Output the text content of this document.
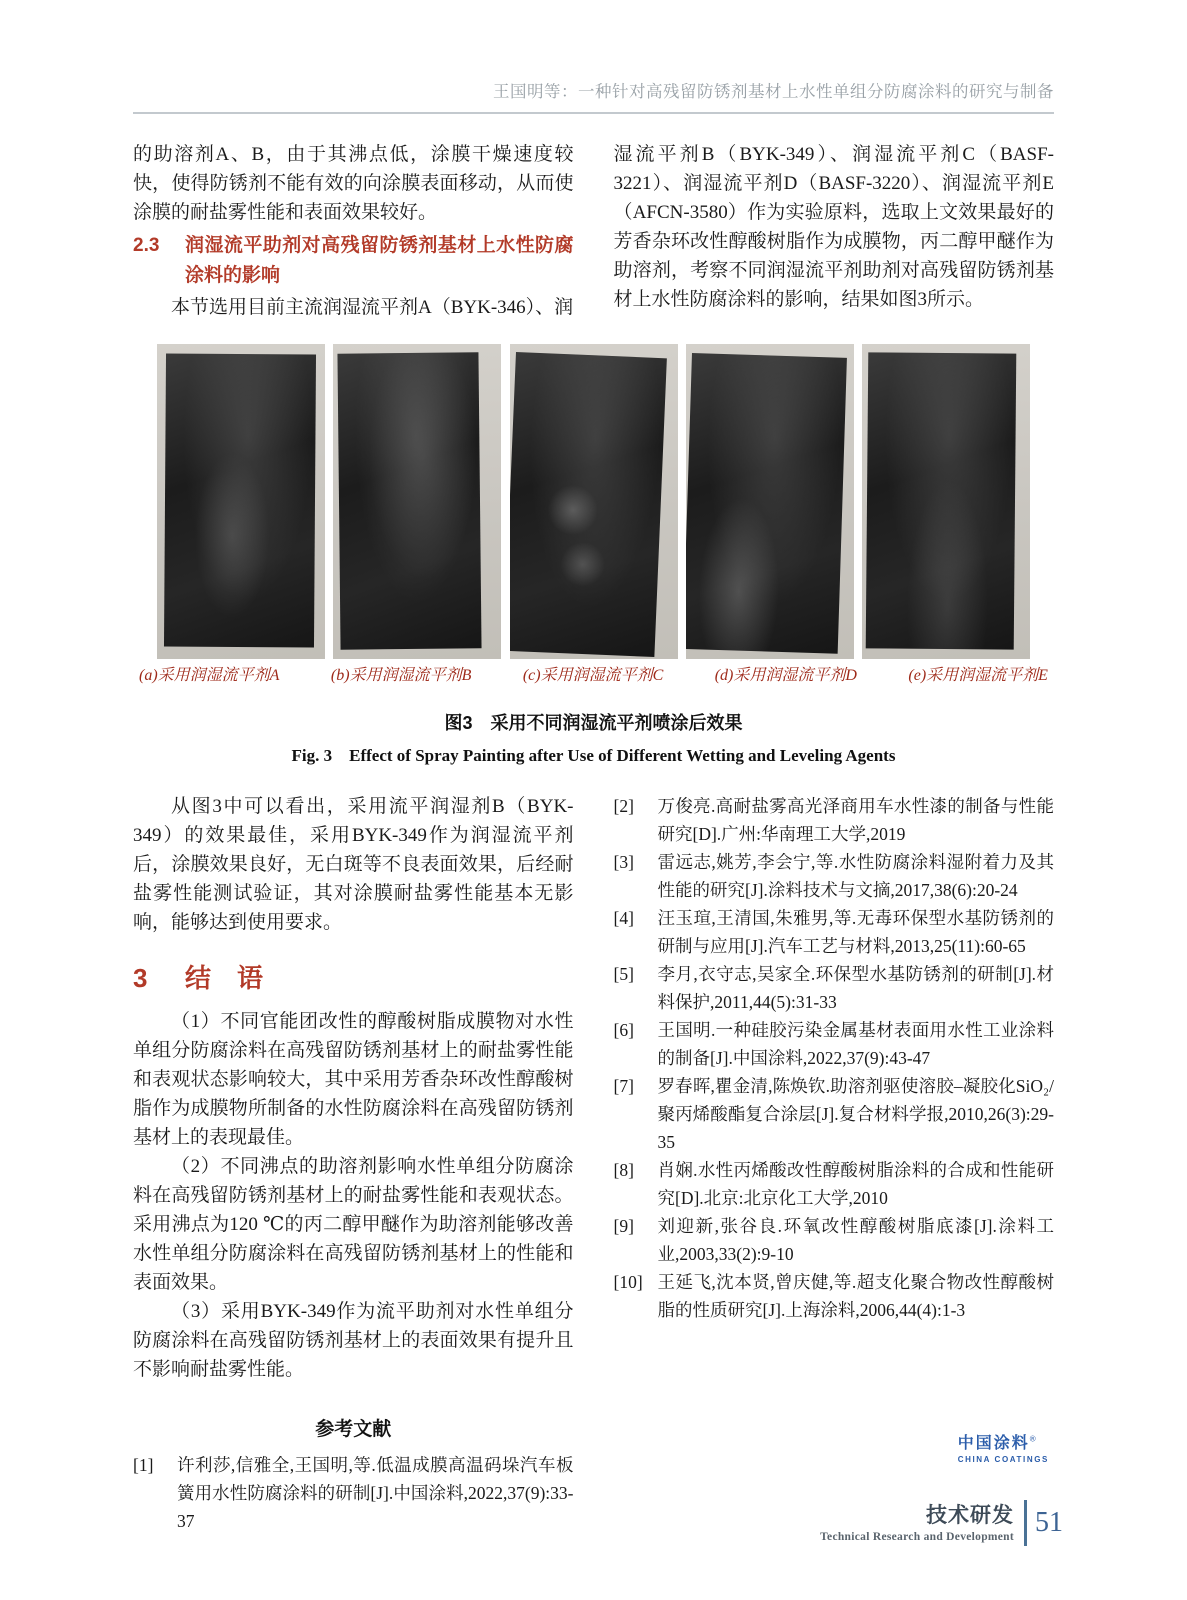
王国明等：一种针对高残留防锈剂基材上水性单组分防腐涂料的研究与制备

的助溶剂A、B，由于其沸点低，涂膜干燥速度较快，使得防锈剂不能有效的向涂膜表面移动，从而使涂膜的耐盐雾性能和表面效果较好。

2.3	润湿流平助剂对高残留防锈剂基材上水性防腐涂料的影响

本节选用目前主流润湿流平剂A（BYK-346）、润

湿流平剂B（BYK-349）、润湿流平剂C（BASF-3221）、润湿流平剂D（BASF-3220）、润湿流平剂E（AFCN-3580）作为实验原料，选取上文效果最好的芳香杂环改性醇酸树脂作为成膜物，丙二醇甲醚作为助溶剂，考察不同润湿流平剂助剂对高残留防锈剂基材上水性防腐涂料的影响，结果如图3所示。

(a)采用润湿流平剂A	(b)采用润湿流平剂B	(c)采用润湿流平剂C	(d)采用润湿流平剂D	(e)采用润湿流平剂E
图3　采用不同润湿流平剂喷涂后效果
Fig. 3　Effect of Spray Painting after Use of Different Wetting and Leveling Agents

从图3中可以看出，采用流平润湿剂B（BYK-349）的效果最佳，采用BYK-349作为润湿流平剂后，涂膜效果良好，无白斑等不良表面效果，后经耐盐雾性能测试验证，其对涂膜耐盐雾性能基本无影响，能够达到使用要求。

3	结　语

（1）不同官能团改性的醇酸树脂成膜物对水性单组分防腐涂料在高残留防锈剂基材上的耐盐雾性能和表观状态影响较大，其中采用芳香杂环改性醇酸树脂作为成膜物所制备的水性防腐涂料在高残留防锈剂基材上的表现最佳。

（2）不同沸点的助溶剂影响水性单组分防腐涂料在高残留防锈剂基材上的耐盐雾性能和表观状态。采用沸点为120 ℃的丙二醇甲醚作为助溶剂能够改善水性单组分防腐涂料在高残留防锈剂基材上的性能和表面效果。

（3）采用BYK-349作为流平助剂对水性单组分防腐涂料在高残留防锈剂基材上的表面效果有提升且不影响耐盐雾性能。

参考文献
[1]	许利莎,信雅全,王国明,等.低温成膜高温码垛汽车板簧用水性防腐涂料的研制[J].中国涂料,2022,37(9):33-37
[2]	万俊亮.高耐盐雾高光泽商用车水性漆的制备与性能研究[D].广州:华南理工大学,2019
[3]	雷远志,姚芳,李会宁,等.水性防腐涂料湿附着力及其性能的研究[J].涂料技术与文摘,2017,38(6):20-24
[4]	汪玉瑄,王清国,朱雅男,等.无毒环保型水基防锈剂的研制与应用[J].汽车工艺与材料,2013,25(11):60-65
[5]	李月,衣守志,吴家全.环保型水基防锈剂的研制[J].材料保护,2011,44(5):31-33
[6]	王国明.一种硅胶污染金属基材表面用水性工业涂料的制备[J].中国涂料,2022,37(9):43-47
[7]	罗春晖,瞿金清,陈焕钦.助溶剂驱使溶胶–凝胶化SiO₂/聚丙烯酸酯复合涂层[J].复合材料学报,2010,26(3):29-35
[8]	肖娴.水性丙烯酸改性醇酸树脂涂料的合成和性能研究[D].北京:北京化工大学,2010
[9]	刘迎新,张谷良.环氧改性醇酸树脂底漆[J].涂料工业,2003,33(2):9-10
[10] 王延飞,沈本贤,曾庆健,等.超支化聚合物改性醇酸树脂的性质研究[J].上海涂料,2006,44(4):1-3
中国涂料®
CHINA COATINGS
技术研发
Technical Research and Development 51
